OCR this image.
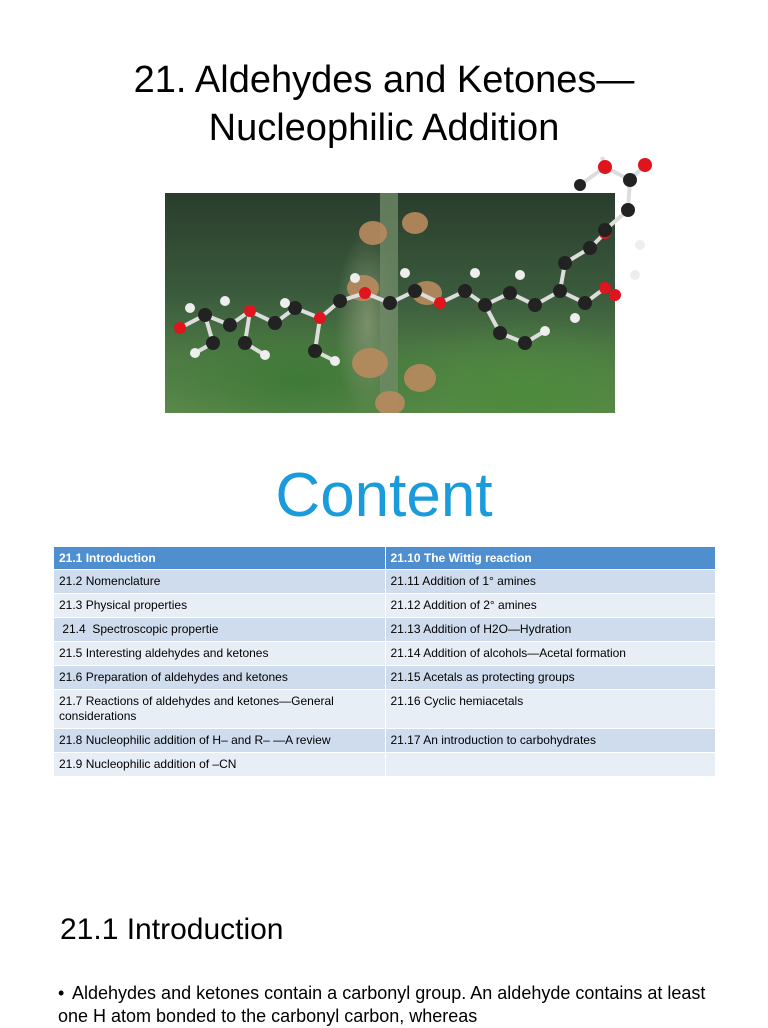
21. Aldehydes and Ketones—
Nucleophilic Addition
Content
21.1 Introduction	21.10 The Wittig reaction
21.2 Nomenclature	21.11 Addition of 1° amines
21.3 Physical properties	21.12 Addition of 2° amines
21.4  Spectroscopic propertie	21.13 Addition of H2O—Hydration
21.5 Interesting aldehydes and ketones	21.14 Addition of alcohols—Acetal formation
21.6 Preparation of aldehydes and ketones	21.15 Acetals as protecting groups
21.7 Reactions of aldehydes and ketones—General considerations	21.16 Cyclic hemiacetals
21.8 Nucleophilic addition of H– and R– —A review	21.17 An introduction to carbohydrates
21.9 Nucleophilic addition of –CN	
21.1 Introduction
• Aldehydes and ketones contain a carbonyl group. An aldehyde contains at least one H atom bonded to the carbonyl carbon, whereas
